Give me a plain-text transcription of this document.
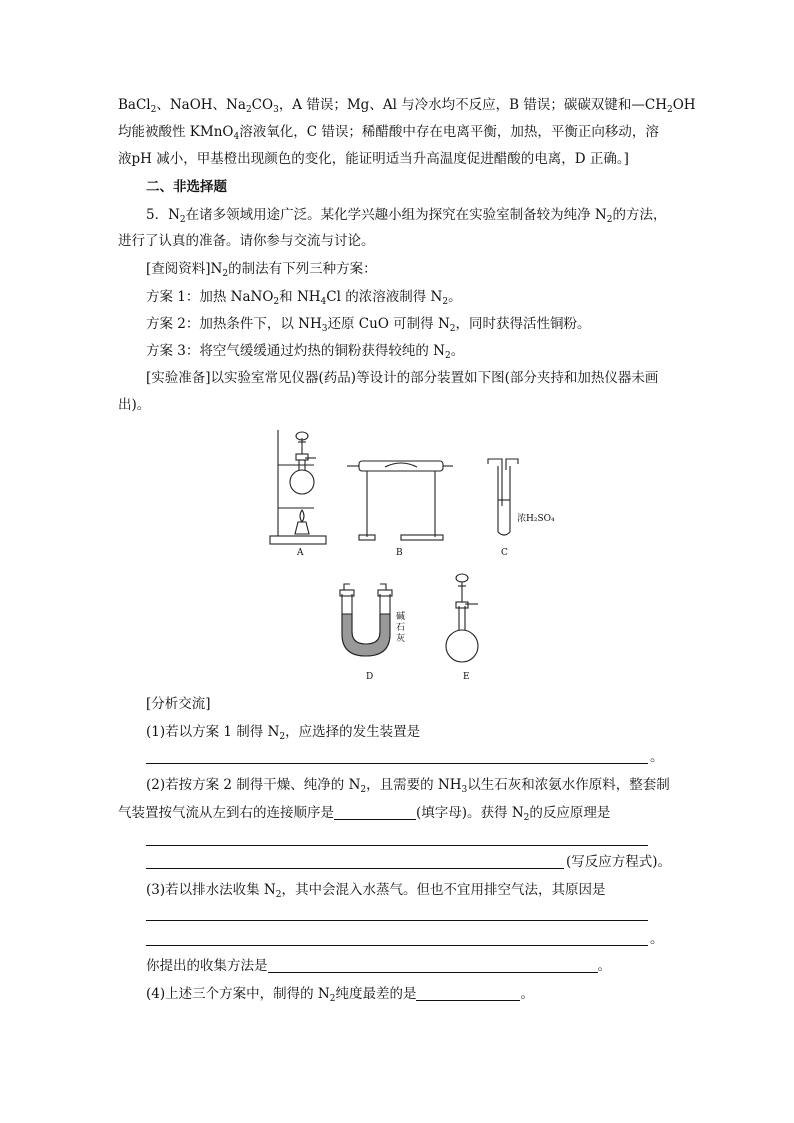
BaCl$_2$、NaOH、$Na_2CO_3$，A 错误；Mg、Al 与冷水均不反应，B 错误；碳碳双键和$—CH_2OH$
均能被酸性 KMnO$_4$溶液氧化，C 错误；稀醋酸中存在电离平衡，加热，平衡正向移动，溶
液pH 减小，甲基橙出现颜色的变化，能证明适当升高温度促进醋酸的电离，D 正确。]
二、非选择题
5．$N_2$在诸多领域用途广泛。某化学兴趣小组为探究在实验室制备较为纯净 $N_2$的方法，
进行了认真的准备。请你参与交流与讨论。
[查阅资料]$N_2$的制法有下列三种方案：
方案 1：加热 NaNO$_2$和 $NH_4Cl$ 的浓溶液制得 $N_2$。
方案 2：加热条件下，以 $NH_3$还原 CuO 可制得 $N_2$，同时获得活性铜粉。
方案 3：将空气缓缓通过灼热的铜粉获得较纯的 $N_2$。
[实验准备]以实验室常见仪器(药品)等设计的部分装置如下图(部分夹持和加热仪器未画
出)。
浓H₂SO₄
碱
石
灰
A	B	C
D	E
[分析交流]
(1)若以方案 1 制得 $N_2$，应选择的发生装置是
。
(2)若按方案 2 制得干燥、纯净的 $N_2$，且需要的 $NH_3$以生石灰和浓氨水作原料，整套制
气装置按气流从左到右的连接顺序是	(填字母)。获得 $N_2$的反应原理是
(写反应方程式)。
(3)若以排水法收集 $N_2$，其中会混入水蒸气。但也不宜用排空气法，其原因是
。
你提出的收集方法是	。
(4)上述三个方案中，制得的 $N_2$纯度最差的是	。
